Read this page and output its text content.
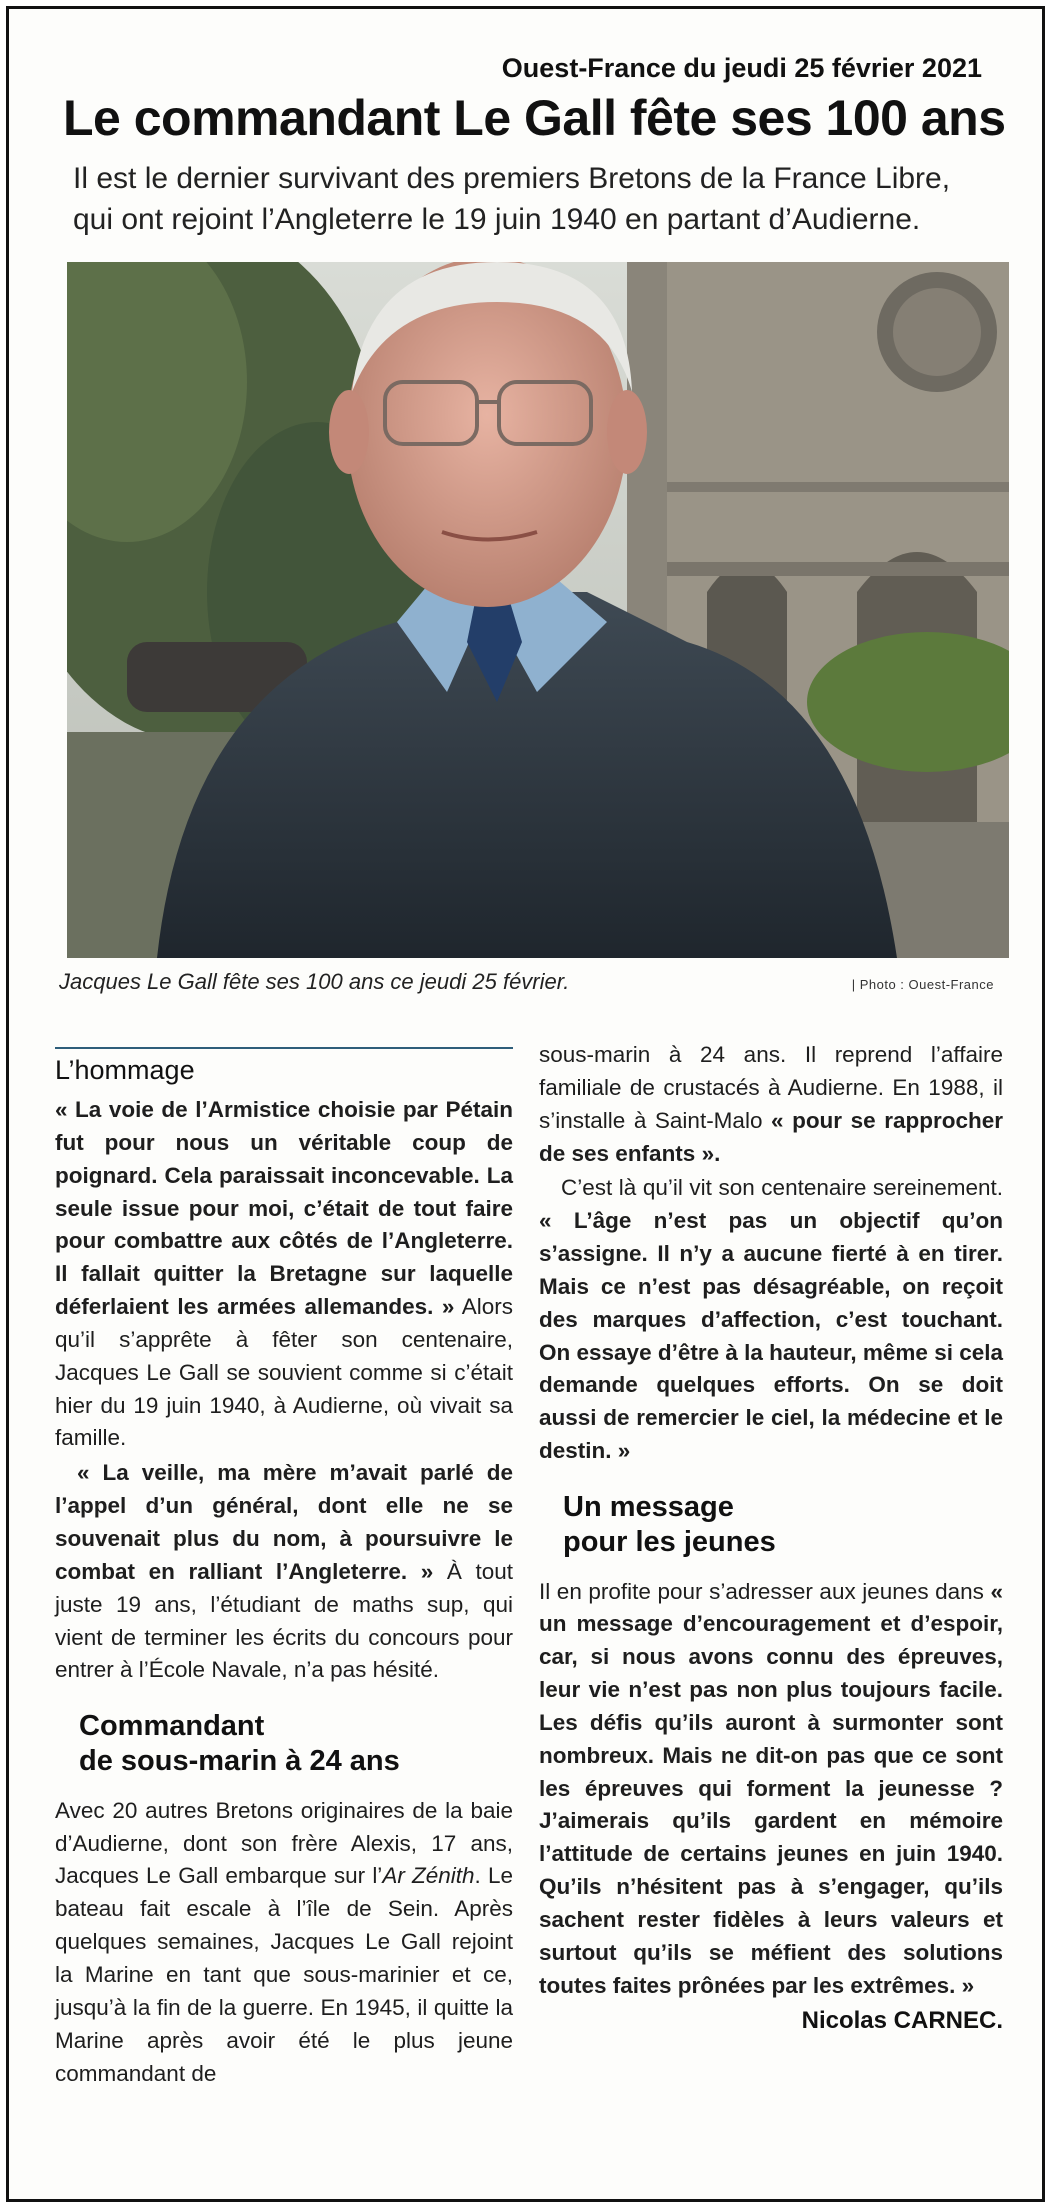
Ouest-France du jeudi 25 février 2021
Le commandant Le Gall fête ses 100 ans

Il est le dernier survivant des premiers Bretons de la France Libre,
qui ont rejoint l’Angleterre le 19 juin 1940 en partant d’Audierne.

Jacques Le Gall fête ses 100 ans ce jeudi 25 février.	| Photo : Ouest-France
L’hommage

« La voie de l’Armistice choisie par Pétain fut pour nous un véritable coup de poignard. Cela paraissait inconcevable. La seule issue pour moi, c’était de tout faire pour combattre aux côtés de l’Angleterre. Il fallait quitter la Bretagne sur laquelle déferlaient les armées allemandes. » Alors qu’il s’apprête à fêter son centenaire, Jacques Le Gall se souvient comme si c’était hier du 19 juin 1940, à Audierne, où vivait sa famille.

« La veille, ma mère m’avait parlé de l’appel d’un général, dont elle ne se souvenait plus du nom, à poursuivre le combat en ralliant l’Angleterre. » À tout juste 19 ans, l’étudiant de maths sup, qui vient de terminer les écrits du concours pour entrer à l’École Navale, n’a pas hésité.

Commandant
de sous-marin à 24 ans

Avec 20 autres Bretons originaires de la baie d’Audierne, dont son frère Alexis, 17 ans, Jacques Le Gall embarque sur l’Ar Zénith. Le bateau fait escale à l’île de Sein. Après quelques semaines, Jacques Le Gall rejoint la Marine en tant que sous-marinier et ce, jusqu’à la fin de la guerre. En 1945, il quitte la Marine après avoir été le plus jeune commandant de

sous-marin à 24 ans. Il reprend l’affaire familiale de crustacés à Audierne. En 1988, il s’installe à Saint-Malo « pour se rapprocher de ses enfants ».

C’est là qu’il vit son centenaire sereinement. « L’âge n’est pas un objectif qu’on s’assigne. Il n’y a aucune fierté à en tirer. Mais ce n’est pas désagréable, on reçoit des marques d’affection, c’est touchant. On essaye d’être à la hauteur, même si cela demande quelques efforts. On se doit aussi de remercier le ciel, la médecine et le destin. »

Un message
pour les jeunes

Il en profite pour s’adresser aux jeunes dans « un message d’encouragement et d’espoir, car, si nous avons connu des épreuves, leur vie n’est pas non plus toujours facile. Les défis qu’ils auront à surmonter sont nombreux. Mais ne dit-on pas que ce sont les épreuves qui forment la jeunesse ? J’aimerais qu’ils gardent en mémoire l’attitude de certains jeunes en juin 1940. Qu’ils n’hésitent pas à s’engager, qu’ils sachent rester fidèles à leurs valeurs et surtout qu’ils se méfient des solutions toutes faites prônées par les extrêmes. »

Nicolas CARNEC.
